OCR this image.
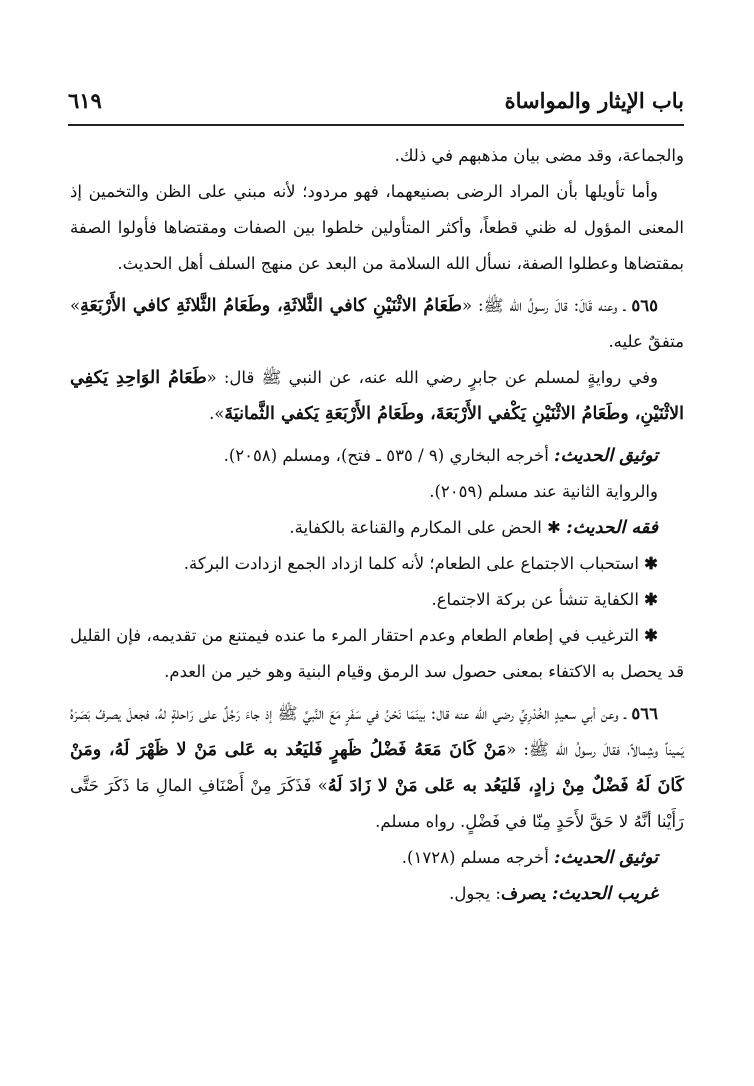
باب الإيثار والمواساة
٦١٩

والجماعة، وقد مضى بيان مذهبهم في ذلك.

وأما تأويلها بأن المراد الرضى بصنيعهما، فهو مردود؛ لأنه مبني على الظن والتخمين إذ المعنى المؤول له ظني قطعاً، وأكثر المتأولين خلطوا بين الصفات ومقتضاها فأولوا الصفة بمقتضاها وعطلوا الصفة، نسأل الله السلامة من البعد عن منهج السلف أهل الحديث.

٥٦٥ ـ وعنه قَالَ: قالَ رسولُ الله ﷺ: «طَعَامُ الاثْنَيْنِ كافي الثَّلاثَةِ، وطَعَامُ الثَّلاثَةِ كافي الأَرْبَعَةِ» متفقٌ عليه.

وفي روايةٍ لمسلم عن جابرٍ رضي الله عنه، عن النبي ﷺ قال: «طَعَامُ الوَاحِدِ يَكفِي الاثْنَيْنِ، وطَعَامُ الاثْنَيْنِ يَكْفي الأَرْبَعَةَ، وطَعَامُ الأَرْبَعَةِ يَكفي الثَّمانيَةَ».

توثيق الحديث: أخرجه البخاري (٩ / ٥٣٥ ـ فتح)، ومسلم (٢٠٥٨).

والرواية الثانية عند مسلم (٢٠٥٩).

فقه الحديث: ✱ الحض على المكارم والقناعة بالكفاية.

✱ استحباب الاجتماع على الطعام؛ لأنه كلما ازداد الجمع ازدادت البركة.

✱ الكفاية تنشأ عن بركة الاجتماع.

✱ الترغيب في إطعام الطعام وعدم احتقار المرء ما عنده فيمتنع من تقديمه، فإن القليل قد يحصل به الاكتفاء بمعنى حصول سد الرمق وقيام البنية وهو خير من العدم.

٥٦٦ ـ وعن أبي سعيدٍ الخُدْرِيِّ رضي الله عنه قال: بينَمَا نَحْنُ في سَفَرٍ مَعَ النَّبيِّ ﷺ إذ جاءَ رَجُلٌ على رَاحلةٍ لهُ، فجعلَ يصرفُ بَصَرَهُ يَميناً وشِمالاً، فقالَ رسولُ الله ﷺ: «مَنْ كَانَ مَعَهُ فَضْلُ ظَهرٍ فَليَعُد به عَلى مَنْ لا ظَهْرَ لَهُ، ومَنْ كَانَ لَهُ فَضْلٌ مِنْ زادٍ، فَليَعُد به عَلى مَنْ لا زَادَ لَهُ» فَذَكَرَ مِنْ أَصْنَافِ المالِ مَا ذَكَرَ حَتَّى رَأَيْنا أنَّهُ لا حَقَّ لأَحَدٍ مِنّا في فَضْلٍ. رواه مسلم.

توثيق الحديث: أخرجه مسلم (١٧٢٨).

غريب الحديث: يصرف: يجول.
